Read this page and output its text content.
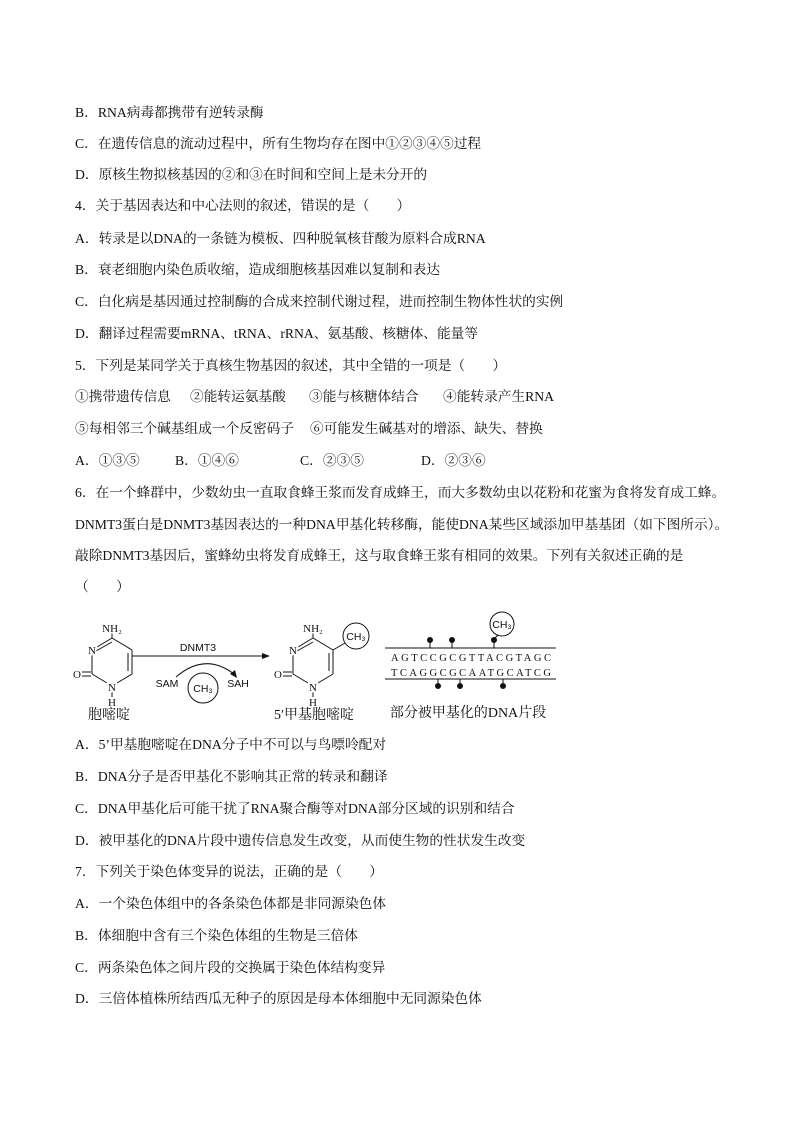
B．RNA病毒都携带有逆转录酶
C．在遗传信息的流动过程中，所有生物均存在图中①②③④⑤过程
D．原核生物拟核基因的②和③在时间和空间上是未分开的
4．关于基因表达和中心法则的叙述，错误的是（　　）
A．转录是以DNA的一条链为模板、四种脱氧核苷酸为原料合成RNA
B．衰老细胞内染色质收缩，造成细胞核基因难以复制和表达
C．白化病是基因通过控制酶的合成来控制代谢过程，进而控制生物体性状的实例
D．翻译过程需要mRNA、tRNA、rRNA、氨基酸、核糖体、能量等
5．下列是某同学关于真核生物基因的叙述，其中全错的一项是（　　）
①携带遗传信息 ②能转运氨基酸 ③能与核糖体结合 ④能转录产生RNA
⑤每相邻三个碱基组成一个反密码子 ⑥可能发生碱基对的增添、缺失、替换
A．①③⑤	B．①④⑥	C．②③⑤	D．②③⑥
6．在一个蜂群中，少数幼虫一直取食蜂王浆而发育成蜂王，而大多数幼虫以花粉和花蜜为食将发育成工蜂。
DNMT3蛋白是DNMT3基因表达的一种DNA甲基化转移酶，能使DNA某些区域添加甲基基团（如下图所示）。
敲除DNMT3基因后，蜜蜂幼虫将发育成蜂王，这与取食蜂王浆有相同的效果。下列有关叙述正确的是
（　　）
NH₂
N
O
N
H
DNMT3
SAM	SAH
CH₃
NH₂
N
O
N
H
CH₃
AGTCCGCGTTACGTAGC
TCAGGCGCAATGCATCG
CH₃
胞嘧啶	5′甲基胞嘧啶	部分被甲基化的DNA片段
A．5’甲基胞嘧啶在DNA分子中不可以与鸟嘌呤配对
B．DNA分子是否甲基化不影响其正常的转录和翻译
C．DNA甲基化后可能干扰了RNA聚合酶等对DNA部分区域的识别和结合
D．被甲基化的DNA片段中遗传信息发生改变，从而使生物的性状发生改变
7．下列关于染色体变异的说法，正确的是（　　）
A．一个染色体组中的各条染色体都是非同源染色体
B．体细胞中含有三个染色体组的生物是三倍体
C．两条染色体之间片段的交换属于染色体结构变异
D．三倍体植株所结西瓜无种子的原因是母本体细胞中无同源染色体
